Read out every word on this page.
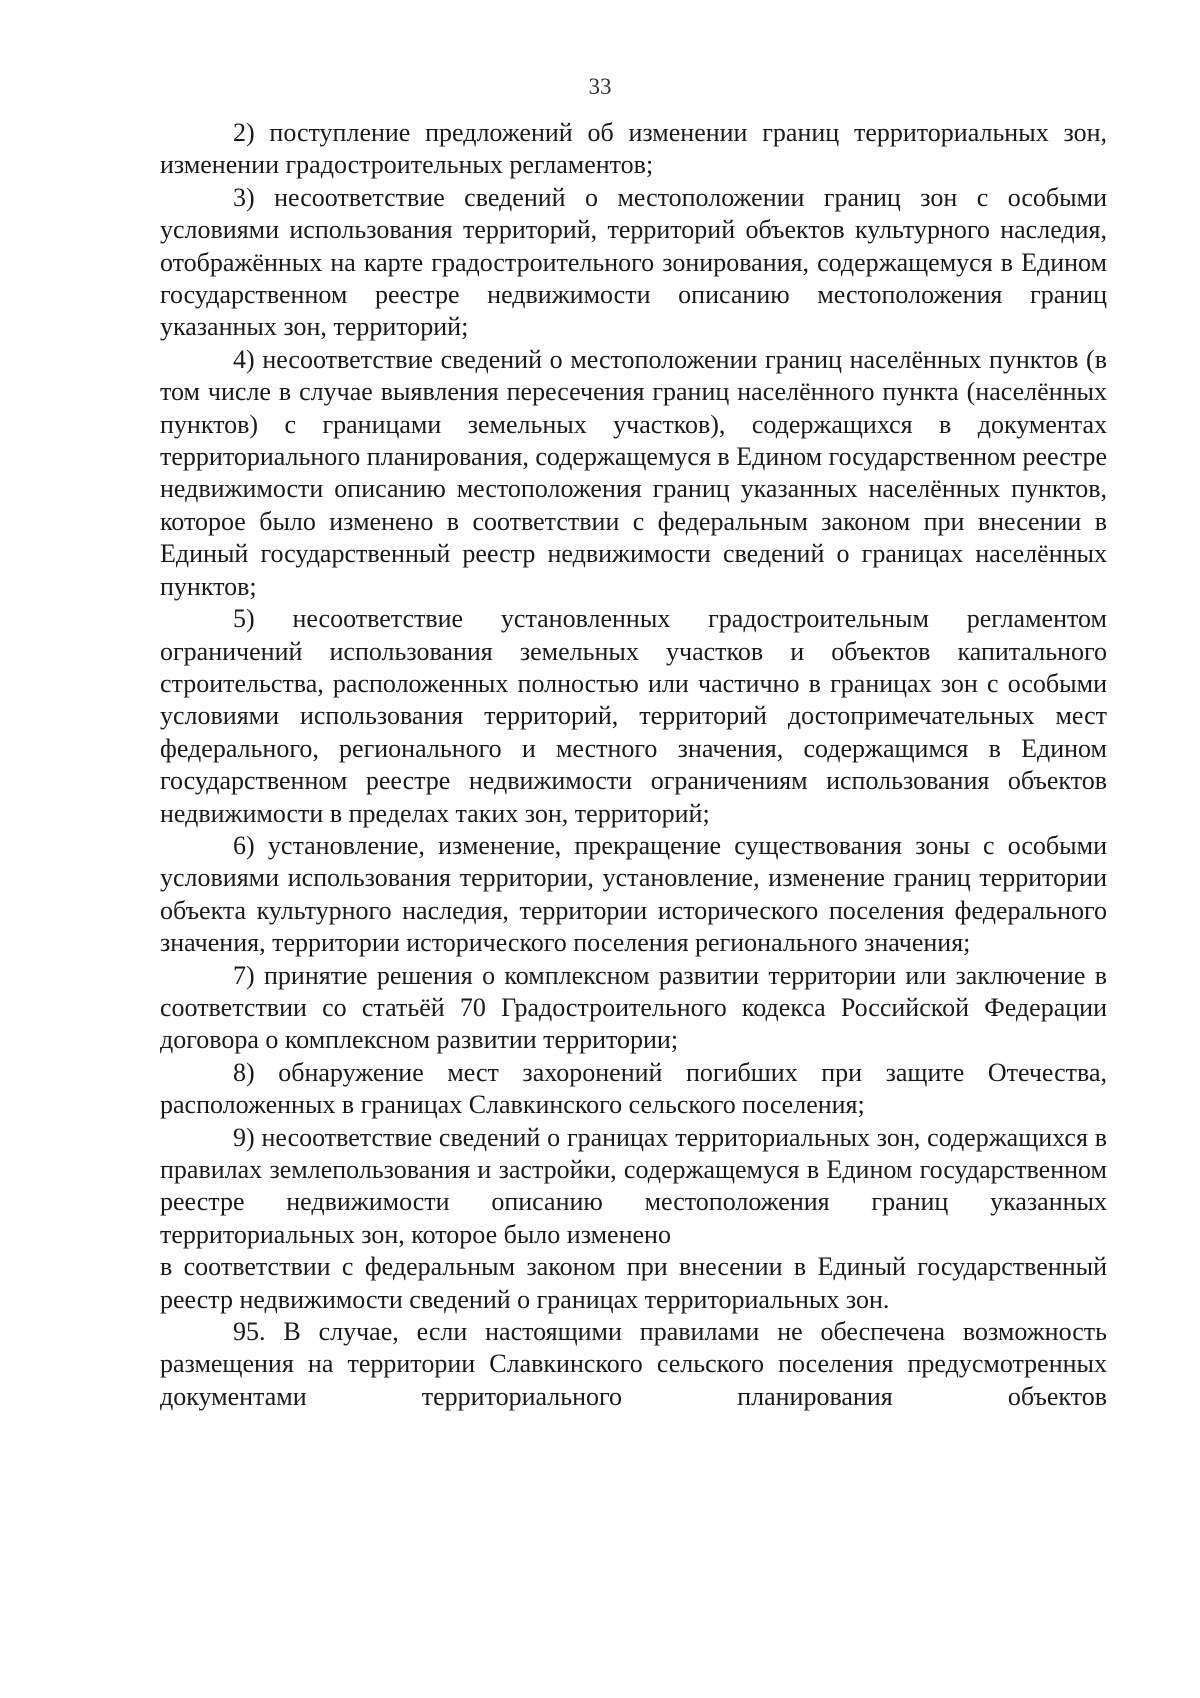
33

2) поступление предложений об изменении границ территориальных зон, изменении градостроительных регламентов;

3) несоответствие сведений о местоположении границ зон с особыми условиями использования территорий, территорий объектов культурного наследия, отображённых на карте градостроительного зонирования, содержащемуся в Едином государственном реестре недвижимости описанию местоположения границ указанных зон, территорий;

4) несоответствие сведений о местоположении границ населённых пунктов (в том числе в случае выявления пересечения границ населённого пункта (населённых пунктов) с границами земельных участков), содержащихся в документах территориального планирования, содержащемуся в Едином государственном реестре недвижимости описанию местоположения границ указанных населённых пунктов, которое было изменено в соответствии с федеральным законом при внесении в Единый государственный реестр недвижимости сведений о границах населённых пунктов;

5) несоответствие установленных градостроительным регламентом ограничений использования земельных участков и объектов капитального строительства, расположенных полностью или частично в границах зон с особыми условиями использования территорий, территорий достопримечательных мест федерального, регионального и местного значения, содержащимся в Едином государственном реестре недвижимости ограничениям использования объектов недвижимости в пределах таких зон, территорий;

6) установление, изменение, прекращение существования зоны с особыми условиями использования территории, установление, изменение границ территории объекта культурного наследия, территории исторического поселения федерального значения, территории исторического поселения регионального значения;

7) принятие решения о комплексном развитии территории или заключение в соответствии со статьёй 70 Градостроительного кодекса Российской Федерации договора о комплексном развитии территории;

8) обнаружение мест захоронений погибших при защите Отечества, расположенных в границах Славкинского сельского поселения;

9) несоответствие сведений о границах территориальных зон, содержащихся в правилах землепользования и застройки, содержащемуся в Едином государственном реестре недвижимости описанию местоположения границ указанных территориальных зон, которое было изменено

в соответствии с федеральным законом при внесении в Единый государственный реестр недвижимости сведений о границах территориальных зон.

95. В случае, если настоящими правилами не обеспечена возможность размещения на территории Славкинского сельского поселения предусмотренных документами территориального планирования объектов
